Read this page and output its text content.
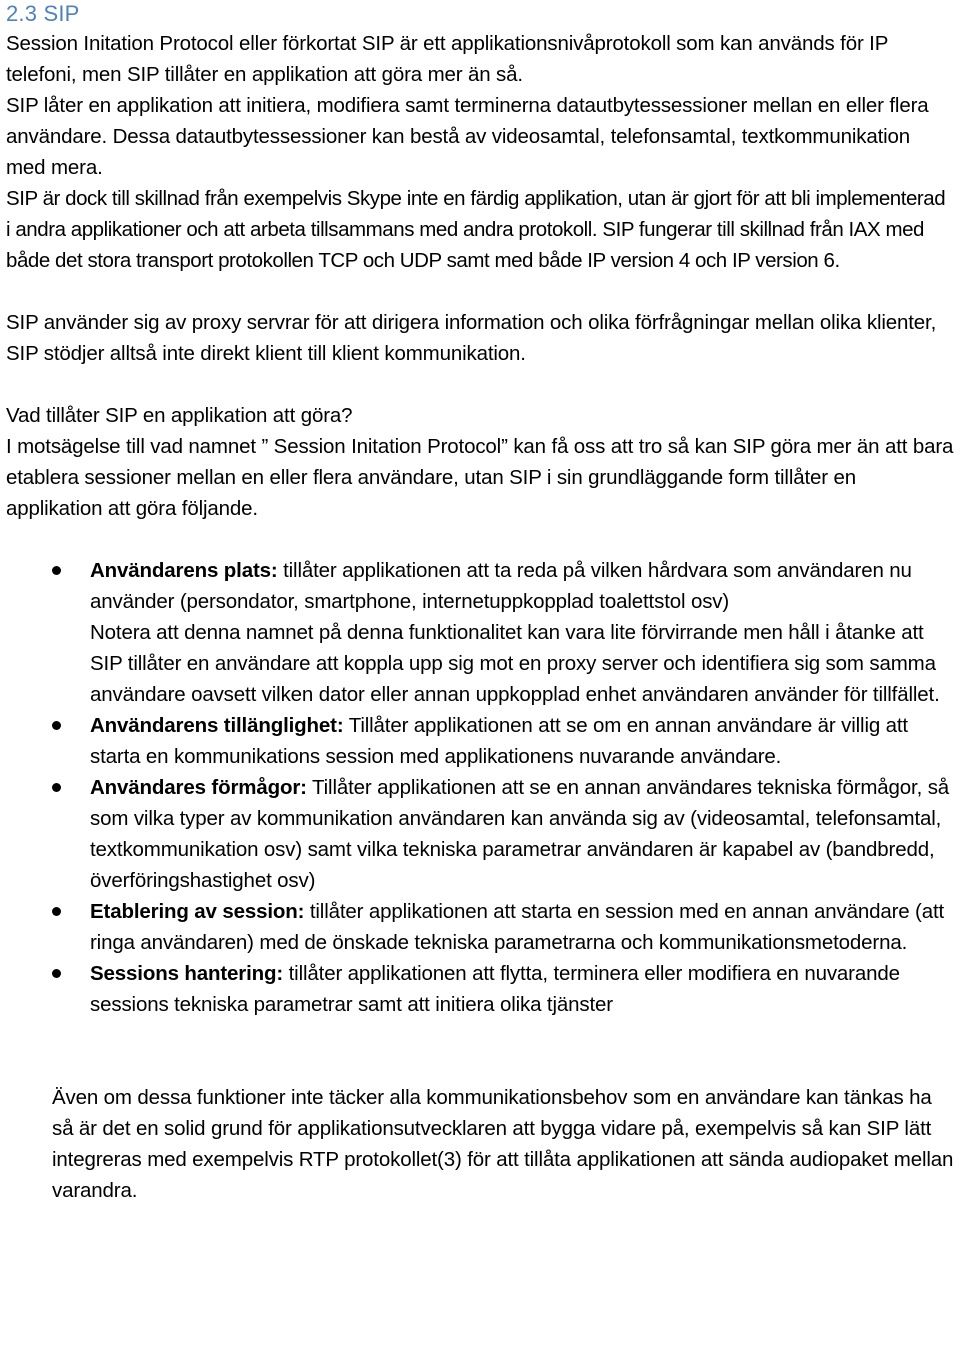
2.3 SIP

Session Initation Protocol eller förkortat SIP är ett applikationsnivåprotokoll som kan används för IP telefoni, men SIP tillåter en applikation att göra mer än så.

SIP låter en applikation att initiera, modifiera samt terminerna datautbytessessioner mellan en eller flera användare. Dessa datautbytessessioner kan bestå av videosamtal, telefonsamtal, textkommunikation med mera.

SIP är dock till skillnad från exempelvis Skype inte en färdig applikation, utan är gjort för att bli implementerad i andra applikationer och att arbeta tillsammans med andra protokoll. SIP fungerar till skillnad från IAX med både det stora transport protokollen TCP och UDP samt med både IP version 4 och IP version 6.

SIP använder sig av proxy servrar för att dirigera information och olika förfrågningar mellan olika klienter, SIP stödjer alltså inte direkt klient till klient kommunikation.

Vad tillåter SIP en applikation att göra?

I motsägelse till vad namnet ” Session Initation Protocol” kan få oss att tro så kan SIP göra mer än att bara etablera sessioner mellan en eller flera användare, utan SIP i sin grundläggande form tillåter en applikation att göra följande.

Användarens plats: tillåter applikationen att ta reda på vilken hårdvara som användaren nu använder (persondator, smartphone, internetuppkopplad toalettstol osv)
Notera att denna namnet på denna funktionalitet kan vara lite förvirrande men håll i åtanke att SIP tillåter en användare att koppla upp sig mot en proxy server och identifiera sig som samma användare oavsett vilken dator eller annan uppkopplad enhet användaren använder för tillfället.
Användarens tillänglighet: Tillåter applikationen att se om en annan användare är villig att starta en kommunikations session med applikationens nuvarande användare.
Användares förmågor: Tillåter applikationen att se en annan användares tekniska förmågor, så som vilka typer av kommunikation användaren kan använda sig av (videosamtal, telefonsamtal, textkommunikation osv) samt vilka tekniska parametrar användaren är kapabel av (bandbredd, överföringshastighet osv)
Etablering av session: tillåter applikationen att starta en session med en annan användare (att ringa användaren) med de önskade tekniska parametrarna och kommunikationsmetoderna.
Sessions hantering: tillåter applikationen att flytta, terminera eller modifiera en nuvarande sessions tekniska parametrar samt att initiera olika tjänster

Även om dessa funktioner inte täcker alla kommunikationsbehov som en användare kan tänkas ha så är det en solid grund för applikationsutvecklaren att bygga vidare på, exempelvis så kan SIP lätt integreras med exempelvis RTP protokollet(3) för att tillåta applikationen att sända audiopaket mellan varandra.
